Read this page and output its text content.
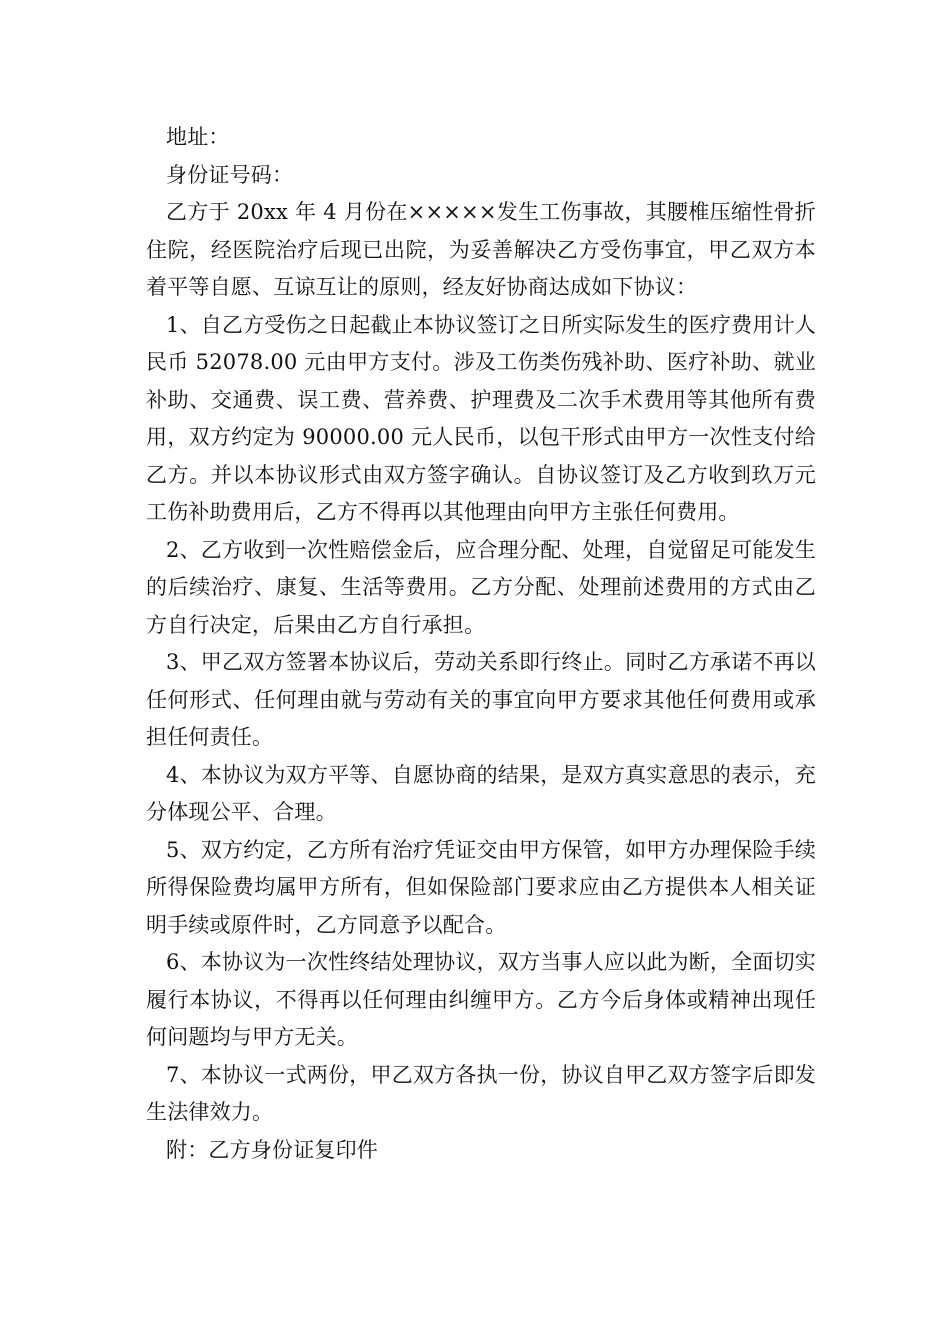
地址：

身份证号码：

乙方于 20xx 年 4 月份在×××××发生工伤事故，其腰椎压缩性骨折住院，经医院治疗后现已出院，为妥善解决乙方受伤事宜，甲乙双方本着平等自愿、互谅互让的原则，经友好协商达成如下协议：

1、自乙方受伤之日起截止本协议签订之日所实际发生的医疗费用计人民币 52078.00 元由甲方支付。涉及工伤类伤残补助、医疗补助、就业补助、交通费、误工费、营养费、护理费及二次手术费用等其他所有费用，双方约定为 90000.00 元人民币，以包干形式由甲方一次性支付给乙方。并以本协议形式由双方签字确认。自协议签订及乙方收到玖万元工伤补助费用后，乙方不得再以其他理由向甲方主张任何费用。

2、乙方收到一次性赔偿金后，应合理分配、处理，自觉留足可能发生的后续治疗、康复、生活等费用。乙方分配、处理前述费用的方式由乙方自行决定，后果由乙方自行承担。

3、甲乙双方签署本协议后，劳动关系即行终止。同时乙方承诺不再以任何形式、任何理由就与劳动有关的事宜向甲方要求其他任何费用或承担任何责任。

4、本协议为双方平等、自愿协商的结果，是双方真实意思的表示，充分体现公平、合理。

5、双方约定，乙方所有治疗凭证交由甲方保管，如甲方办理保险手续所得保险费均属甲方所有，但如保险部门要求应由乙方提供本人相关证明手续或原件时，乙方同意予以配合。

6、本协议为一次性终结处理协议，双方当事人应以此为断，全面切实履行本协议，不得再以任何理由纠缠甲方。乙方今后身体或精神出现任何问题均与甲方无关。

7、本协议一式两份，甲乙双方各执一份，协议自甲乙双方签字后即发生法律效力。

附：乙方身份证复印件
